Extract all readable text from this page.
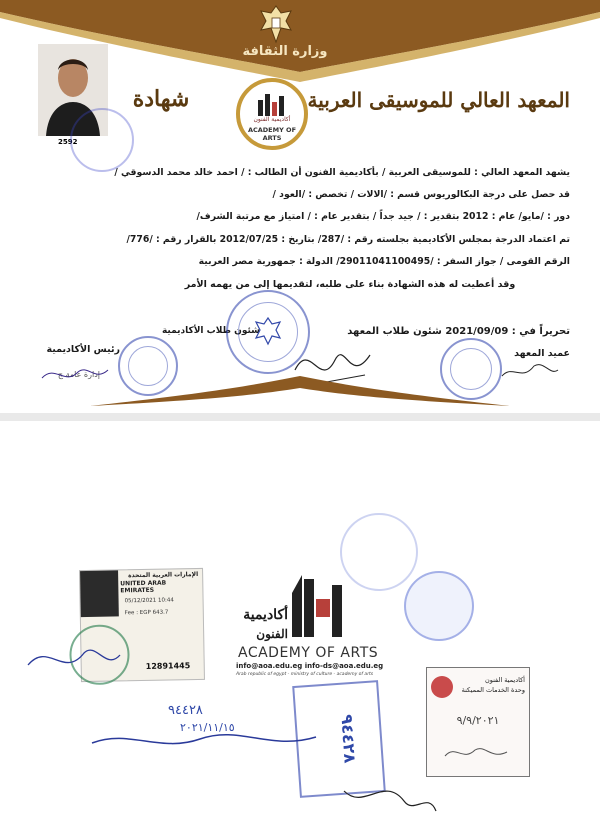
وزارة الثقافة
أكاديمية الفنون
ACADEMY OF ARTS
2592
شهادة	المعهد العالي للموسيقى العربية
يشهد المعهد العالي : للموسيقى العربية / بأكاديمية الفنون أن الطالب : / احمد خالد محمد الدسوقي /
قد حصل على درجة البكالوريوس قسم : /الالات / تخصص : /العود /
دور : /مايو/ عام : 2012 بتقدير : / جيد جداً / بتقدير عام : / امتياز مع مرتبة الشرف/
تم اعتماد الدرجة بمجلس الأكاديمية بجلسته رقم : /287/ بتاريخ : 2012/07/25 بالقرار رقم : /776/
الرقم القومى / جواز السفر : /29011041100495/ الدولة : جمهورية مصر العربية
وقد أعطيت له هذه الشهادة بناء على طلبه، لتقديمها إلى من يهمه الأمر
تحريراً في : 2021/09/09 شئون طلاب المعهد
شئون طلاب الأكاديمية
عميد المعهد
رئيس الأكاديمية
إدارة عامة ج
الإمارات العربية المتحدة
UNITED ARAB EMIRATES
05/12/2021 10:44
Fee : EGP 643.7
12891445
أكاديمية
الفنون
ACADEMY OF ARTS
info@aoa.edu.eg info-ds@aoa.edu.eg
Arab republic of egypt - ministry of culture - academy of arts
٩٤٤٢٨
٩٤٤٢٨
٢٠٢١/١١/١٥
أكاديمية الفنون
وحدة الخدمات المميكنة
٩/٩/٢٠٢١
